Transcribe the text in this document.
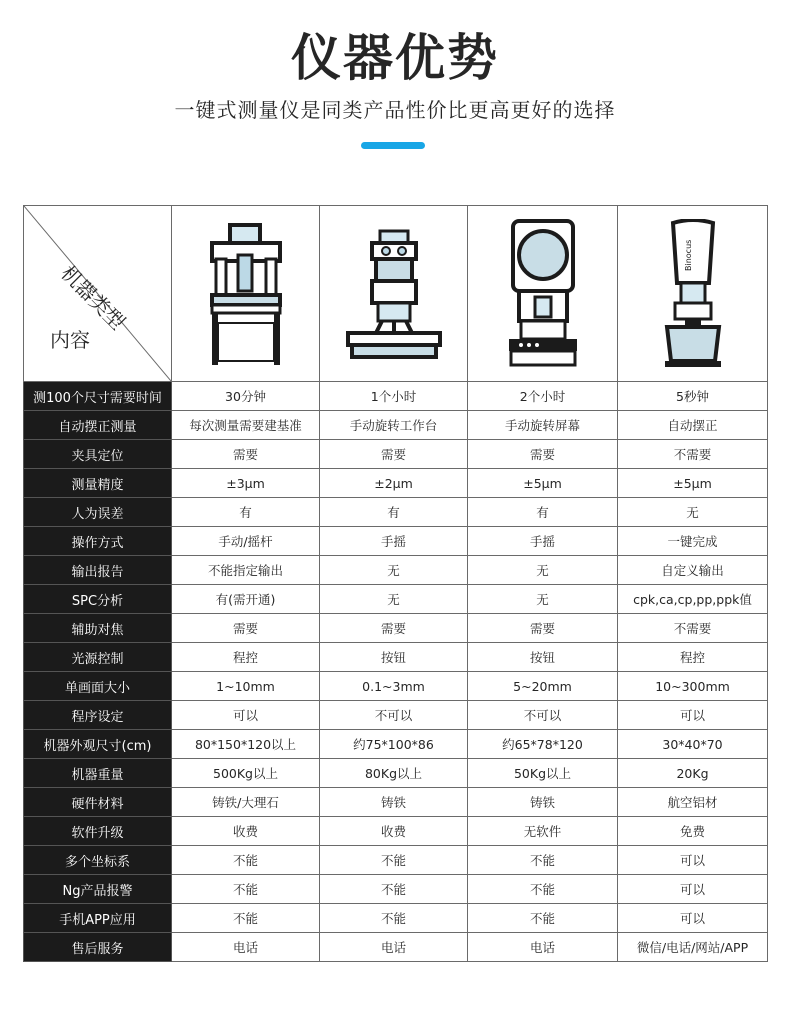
仪器优势
一键式测量仪是同类产品性价比更高更好的选择
机器类型
内容				Binocus

测100个尺寸需要时间	30分钟	1个小时	2个小时	5秒钟
自动摆正测量	每次测量需要建基准	手动旋转工作台	手动旋转屏幕	自动摆正
夹具定位	需要	需要	需要	不需要
测量精度	±3μm	±2μm	±5μm	±5μm
人为误差	有	有	有	无
操作方式	手动/摇杆	手摇	手摇	一键完成
输出报告	不能指定输出	无	无	自定义输出
SPC分析	有(需开通)	无	无	cpk,ca,cp,pp,ppk值
辅助对焦	需要	需要	需要	不需要
光源控制	程控	按钮	按钮	程控
单画面大小	1~10mm	0.1~3mm	5~20mm	10~300mm
程序设定	可以	不可以	不可以	可以
机器外观尺寸(cm)	80*150*120以上	约75*100*86	约65*78*120	30*40*70
机器重量	500Kg以上	80Kg以上	50Kg以上	20Kg
硬件材料	铸铁/大理石	铸铁	铸铁	航空铝材
软件升级	收费	收费	无软件	免费
多个坐标系	不能	不能	不能	可以
Ng产品报警	不能	不能	不能	可以
手机APP应用	不能	不能	不能	可以
售后服务	电话	电话	电话	微信/电话/网站/APP
